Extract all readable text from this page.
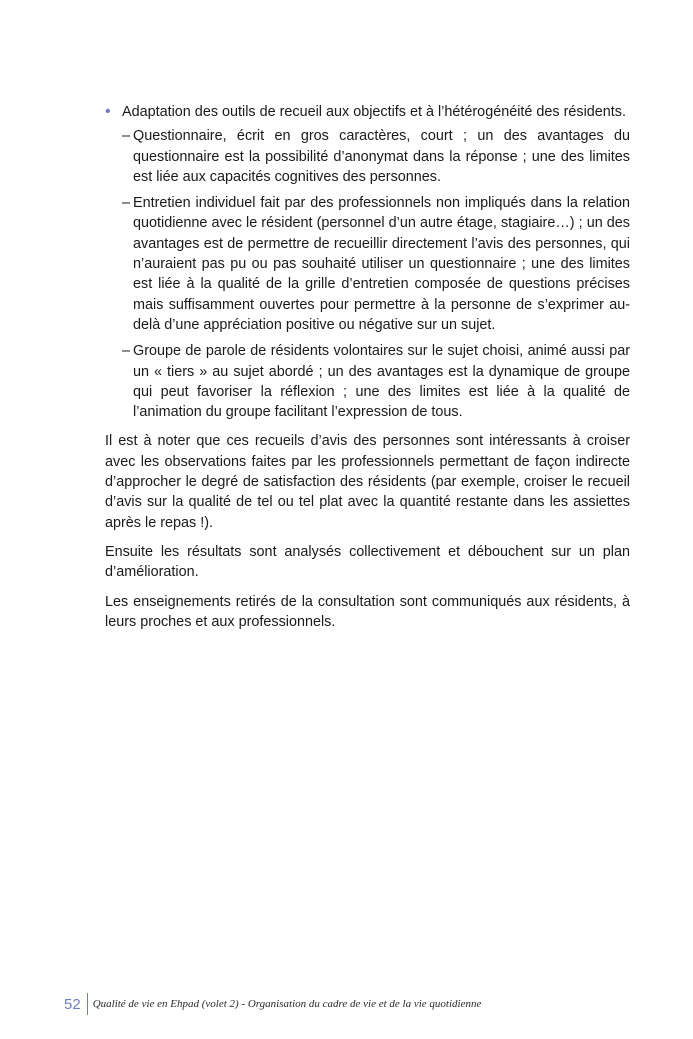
• Adaptation des outils de recueil aux objectifs et à l’hétérogénéité des résidents.
– Questionnaire, écrit en gros caractères, court ; un des avantages du questionnaire est la possibilité d’anonymat dans la réponse ; une des limites est liée aux capacités cognitives des personnes.
– Entretien individuel fait par des professionnels non impliqués dans la relation quotidienne avec le résident (personnel d’un autre étage, stagiaire…) ; un des avantages est de permettre de recueillir directement l’avis des personnes, qui n’auraient pas pu ou pas souhaité utiliser un questionnaire ; une des limites est liée à la qualité de la grille d’entretien composée de questions précises mais suffisamment ouvertes pour permettre à la personne de s’exprimer au-delà d’une appréciation positive ou négative sur un sujet.
– Groupe de parole de résidents volontaires sur le sujet choisi, animé aussi par un « tiers » au sujet abordé ; un des avantages est la dynamique de groupe qui peut favoriser la réflexion ; une des limites est liée à la qualité de l’animation du groupe facilitant l’expression de tous.

Il est à noter que ces recueils d’avis des personnes sont intéressants à croiser avec les observations faites par les professionnels permettant de façon indirecte d’approcher le degré de satisfaction des résidents (par exemple, croiser le recueil d’avis sur la qualité de tel ou tel plat avec la quantité restante dans les assiettes après le repas !).

Ensuite les résultats sont analysés collectivement et débouchent sur un plan d’amélioration.

Les enseignements retirés de la consultation sont communiqués aux résidents, à leurs proches et aux professionnels.

52	Qualité de vie en Ehpad (volet 2) - Organisation du cadre de vie et de la vie quotidienne
